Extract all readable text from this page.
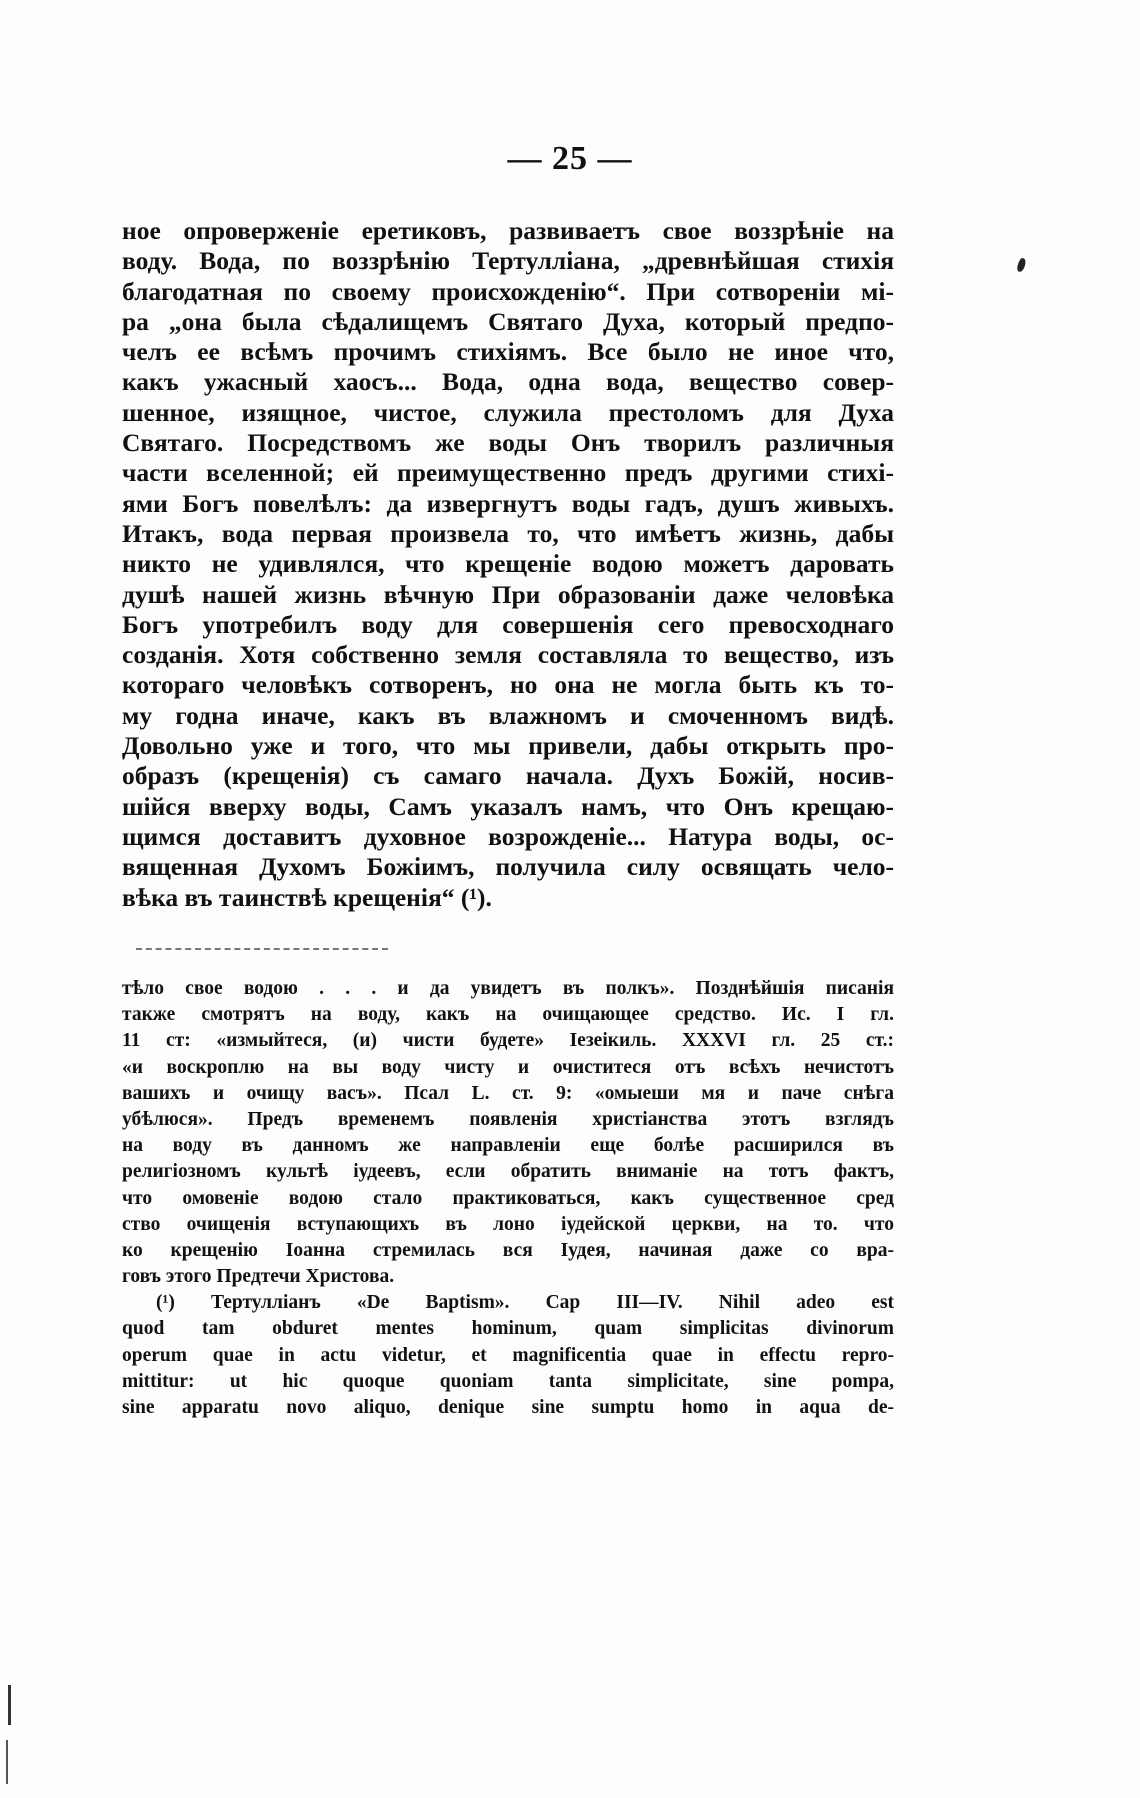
— 25 —
ное опроверженіе еретиковъ, развиваетъ свое воззрѣніе на
воду. Вода, по воззрѣнію Тертулліана, „древнѣйшая стихія
благодатная по своему происхожденію“. При сотвореніи мі-
ра „она была сѣдалищемъ Святаго Духа, который предпо-
челъ ее всѣмъ прочимъ стихіямъ. Все было не иное что,
какъ ужасный хаосъ... Вода, одна вода, вещество совер-
шенное, изящное, чистое, служила престоломъ для Духа
Святаго. Посредствомъ же воды Онъ творилъ различныя
части вселенной; ей преимущественно предъ другими стихі-
ями Богъ повелѣлъ: да извергнутъ воды гадъ, душъ живыхъ.
Итакъ, вода первая произвела то, что имѣетъ жизнь, дабы
никто не удивлялся, что крещеніе водою можетъ даровать
душѣ нашей жизнь вѣчную При образованіи даже человѣка
Богъ употребилъ воду для совершенія сего превосходнаго
созданія. Хотя собственно земля составляла то вещество, изъ
котораго человѣкъ сотворенъ, но она не могла быть къ то-
му годна иначе, какъ въ влажномъ и смоченномъ видѣ.
Довольно уже и того, что мы привели, дабы открыть про-
образъ (крещенія) съ самаго начала. Духъ Божій, носив-
шійся вверху воды, Самъ указалъ намъ, что Онъ крещаю-
щимся доставитъ духовное возрожденіе... Натура воды, ос-
вященная Духомъ Божіимъ, получила силу освящать чело-
вѣка въ таинствѣ крещенія“ (¹).
тѣло свое водою . . . и да увидетъ въ полкъ». Позднѣйшія писанія
также смотрятъ на воду, какъ на очищающее средство. Ис. I гл.
11 ст: «измыйтеся, (и) чисти будете» Іезеікиль. XXXVI гл. 25 ст.:
«и воскроплю на вы воду чисту и очиститеся отъ всѣхъ нечистотъ
вашихъ и очищу васъ». Псал L. ст. 9: «омыеши мя и паче снѣга
убѣлюся». Предъ временемъ появленія христіанства этотъ взглядъ
на воду въ данномъ же направленіи еще болѣе расширился въ
религіозномъ культѣ іудеевъ, если обратить вниманіе на тотъ фактъ,
что омовеніе водою стало практиковаться, какъ существенное сред
ство очищенія вступающихъ въ лоно іудейской церкви, на то. что
ко крещенію Іоанна стремилась вся Іудея, начиная даже со вра-
говъ этого Предтечи Христова.
(¹) Тертулліанъ «De Baptism». Cap III—IV. Nihil adeo est
quod tam obduret mentes hominum, quam simplicitas divinorum
operum quae in actu videtur, et magnificentia quae in effectu repro-
mittitur: ut hic quoque quoniam tanta simplicitate, sine pompa,
sine apparatu novo aliquo, denique sine sumptu homo in aqua de-
